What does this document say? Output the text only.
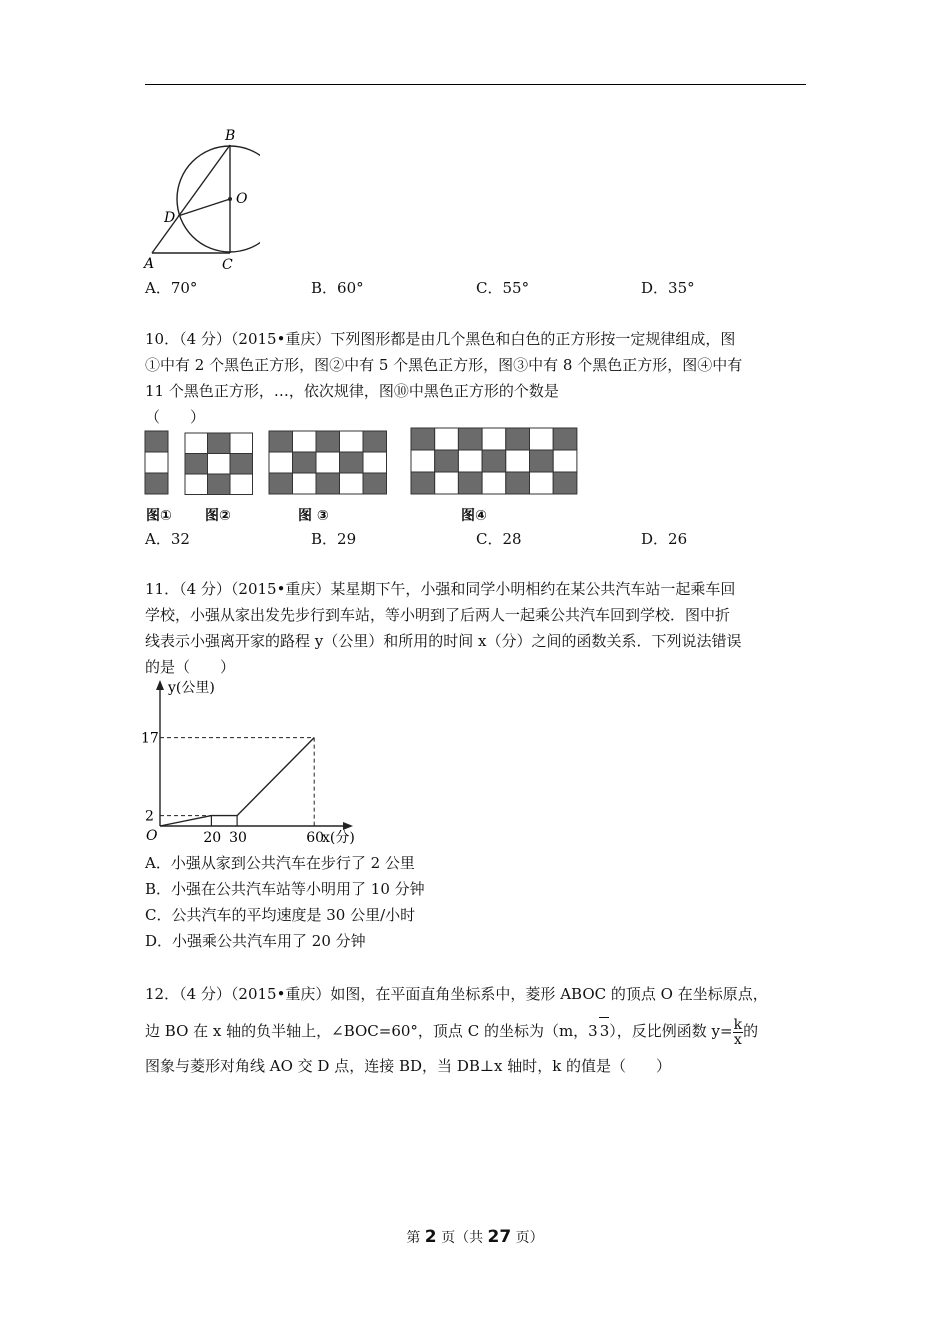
B
O
D
A	C
A．70°	B．60°	C．55°	D．35°
10．（4 分）（2015•重庆）下列图形都是由几个黑色和白色的正方形按一定规律组成，图
①中有 2 个黑色正方形，图②中有 5 个黑色正方形，图③中有 8 个黑色正方形，图④中有
11 个黑色正方形，…，依次规律，图⑩中黑色正方形的个数是
（　　）
图① 图②	图 ③	图④
A．32	B．29	C．28	D．26
11．（4 分）（2015•重庆）某星期下午，小强和同学小明相约在某公共汽车站一起乘车回
学校，小强从家出发先步行到车站，等小明到了后两人一起乘公共汽车回到学校．图中折
线表示小强离开家的路程 y（公里）和所用的时间 x（分）之间的函数关系．下列说法错误
的是（　　）
20 30	60
2
17
y(公里)
x(分)
O
A．小强从家到公共汽车在步行了 2 公里
B．小强在公共汽车站等小明用了 10 分钟
C．公共汽车的平均速度是 30 公里/小时
D．小强乘公共汽车用了 20 分钟
12．（4 分）（2015•重庆）如图，在平面直角坐标系中，菱形 ABOC 的顶点 O 在坐标原点，
边 BO 在 x 轴的负半轴上，∠BOC=60°，顶点 C 的坐标为（m，3 3），反比例函数 $y= \frac{k}{x}$ 的
图象与菱形对角线 AO 交 D 点，连接 BD，当 DB⊥x 轴时，k 的值是（　　）
第 2 页（共 27 页）
